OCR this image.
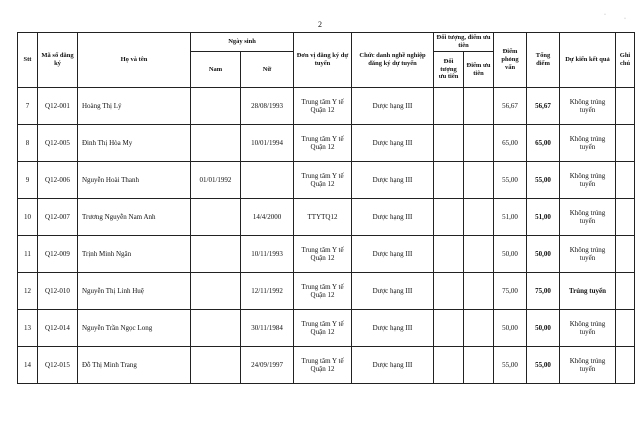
2
·
·
Stt	Mã số đăng ký	Họ và tên	Ngày sinh		Đơn vị đăng ký dự tuyển	Chức danh nghề nghiệp đăng ký dự tuyển	Đối tượng, điểm ưu tiên		Điểm phỏng vấn	Tổng điểm	Dự kiến kết quả	Ghi chú
			Nam	Nữ								
							Đối tượng ưu tiên	Điểm ưu tiên				
7	Q12-001	Hoàng Thị Lý		28/08/1993	Trung tâm Y tế Quận 12	Dược hạng III			56,67	56,67	Không trúng tuyển	
8	Q12-005	Đinh Thị Hòa My		10/01/1994	Trung tâm Y tế Quận 12	Dược hạng III			65,00	65,00	Không trúng tuyển	
9	Q12-006	Nguyễn Hoài Thanh	01/01/1992		Trung tâm Y tế Quận 12	Dược hạng III			55,00	55,00	Không trúng tuyển	
10	Q12-007	Trương Nguyễn Nam Anh		14/4/2000	TTYTQ12	Dược hạng III			51,00	51,00	Không trúng tuyển	
11	Q12-009	Trịnh Minh Ngân		10/11/1993	Trung tâm Y tế Quận 12	Dược hạng III			50,00	50,00	Không trúng tuyển	
12	Q12-010	Nguyễn Thị Linh Huệ		12/11/1992	Trung tâm Y tế Quận 12	Dược hạng III			75,00	75,00	Trúng tuyển	
13	Q12-014	Nguyễn Trần Ngọc Long		30/11/1984	Trung tâm Y tế Quận 12	Dược hạng III			50,00	50,00	Không trúng tuyển	
14	Q12-015	Đỗ Thị Minh Trang		24/09/1997	Trung tâm Y tế Quận 12	Dược hạng III			55,00	55,00	Không trúng tuyển	
